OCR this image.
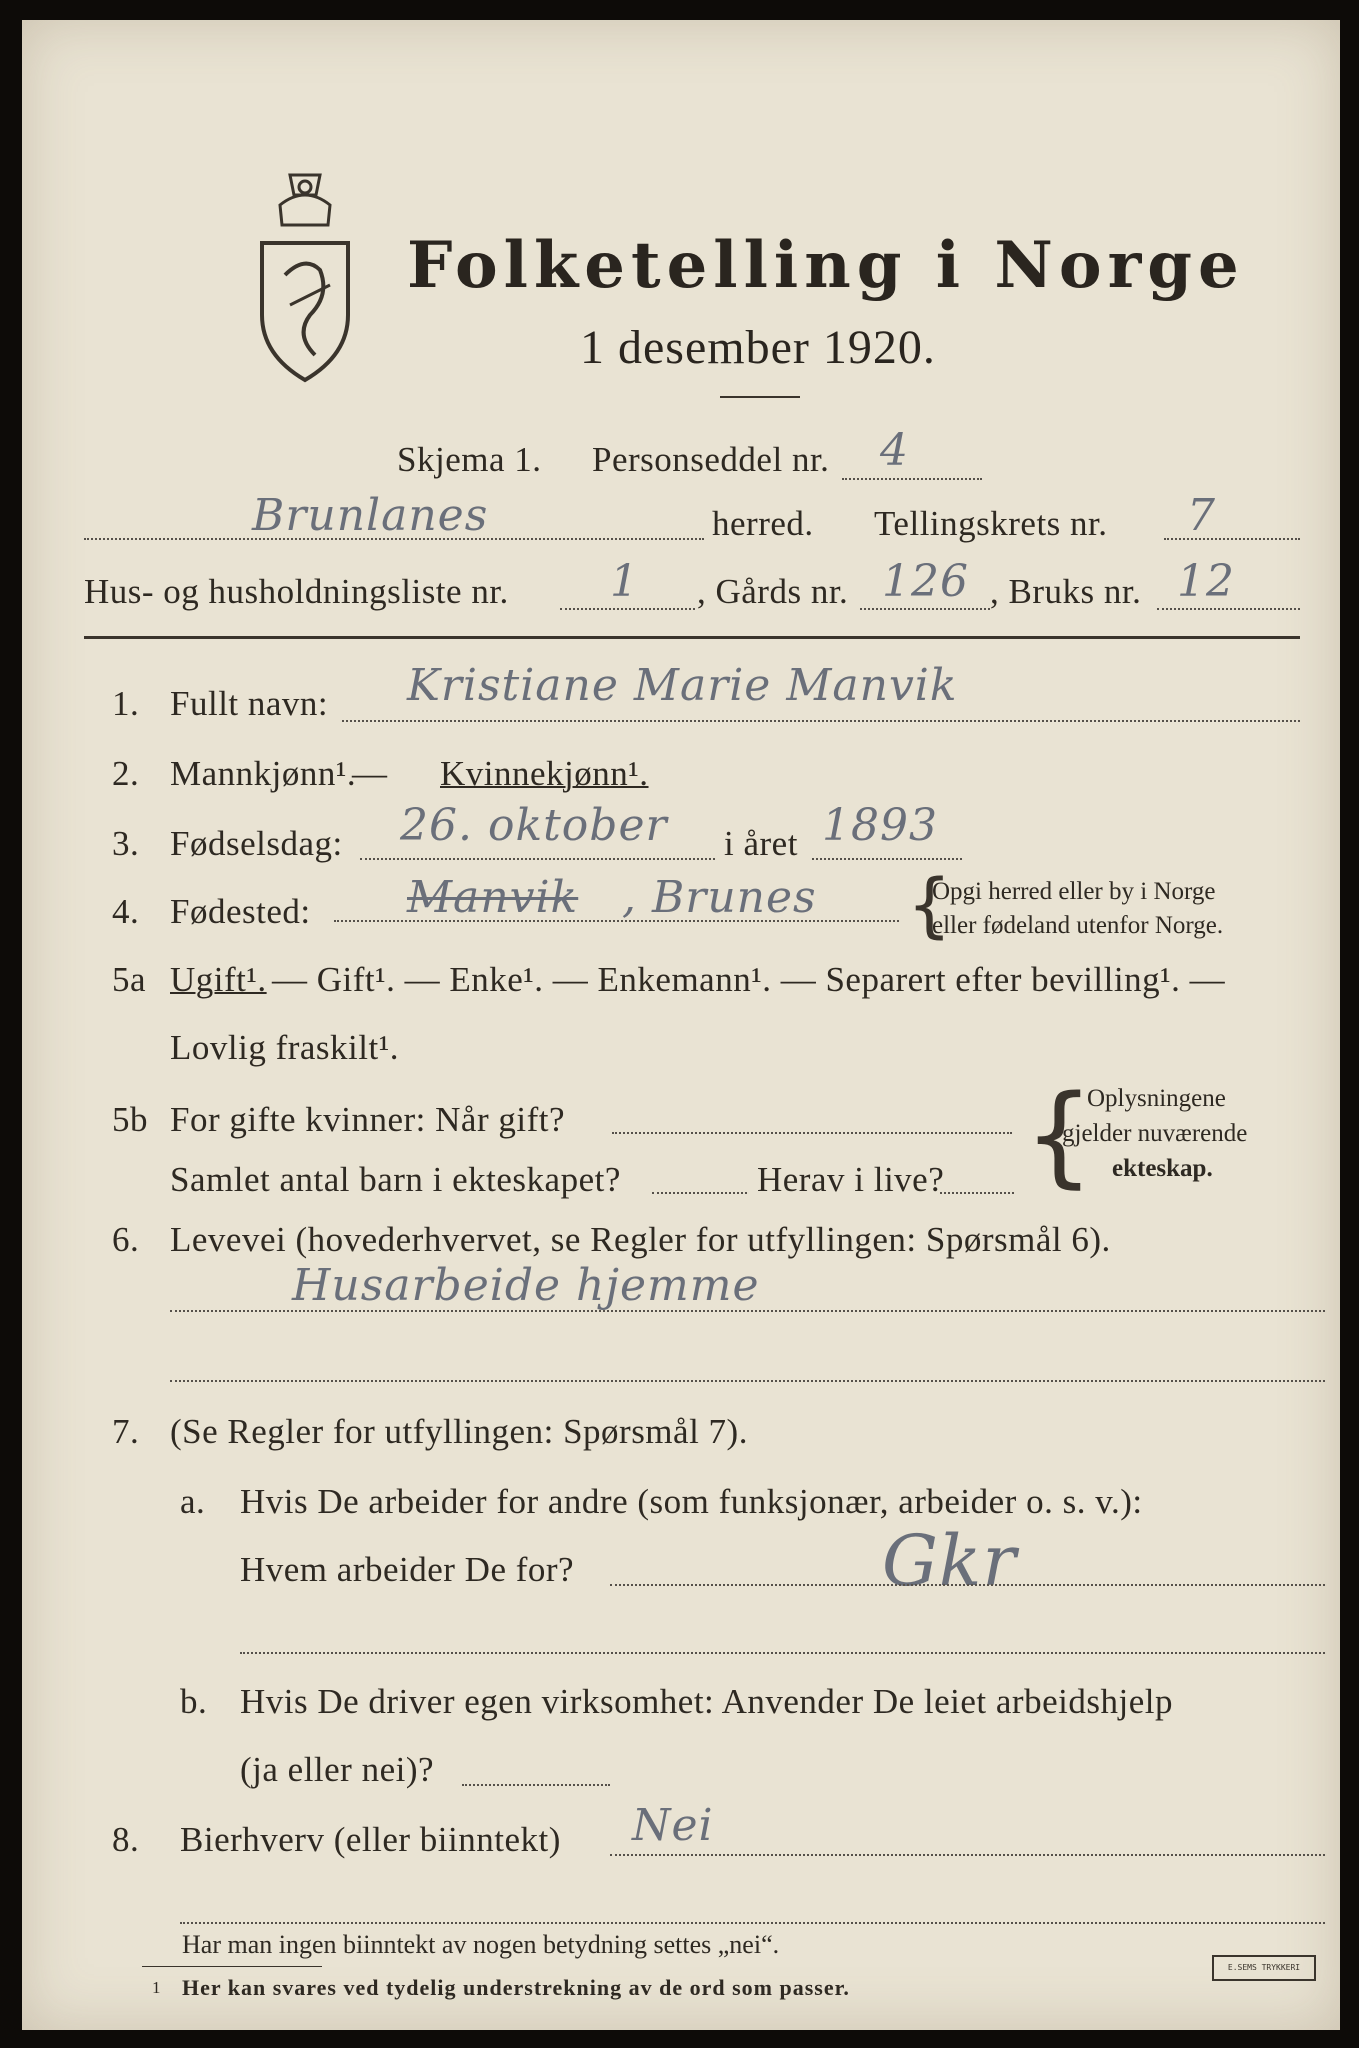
Folketelling i Norge
1 desember 1920.
Skjema 1. Personseddel nr. 4
Brunlanes	herred. Tellingskrets nr. 7
Hus- og husholdningsliste nr. 1 , Gårds nr. 126 , Bruks nr. 12
1. Fullt navn: Kristiane Marie Manvik
2. Mannkjønn¹.
— Kvinnekjønn¹.
3. Fødselsdag: 26. oktober i året 1893
4. Fødested: Manvik , Brunes {
Opgi herred eller by i Norge
eller fødeland utenfor Norge.
5a Ugift¹. — Gift¹. — Enke¹. — Enkemann¹. — Separert efter bevilling¹. —
Lovlig fraskilt¹.
5b For gifte kvinner: Når gift?
Samlet antal barn i ekteskapet?	Herav i live? {
Oplysningene
gjelder nuværende
ekteskap.
6. Levevei (hovederhvervet, se Regler for utfyllingen: Spørsmål 6).
Husarbeide hjemme
7. (Se Regler for utfyllingen: Spørsmål 7).
a. Hvis De arbeider for andre (som funksjonær, arbeider o. s. v.):
Hvem arbeider De for?	Gkr
b. Hvis De driver egen virksomhet: Anvender De leiet arbeidshjelp
(ja eller nei)?
8. Bierhverv (eller biinntekt) Nei
Har man ingen biinntekt av nogen betydning settes „nei“.
1 Her kan svares ved tydelig understrekning av de ord som passer.
E.SEMS TRYKKERI
